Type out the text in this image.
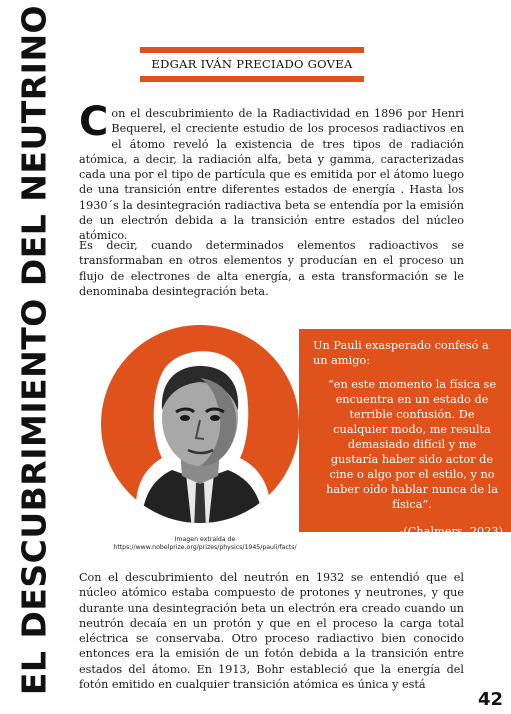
EL DESCUBRIMIENTO DEL NEUTRINO	EDGAR IVÁN PRECIADO GOVEA

Con el descubrimiento de la Radiactividad en 1896 por Henri Bequerel, el creciente estudio de los procesos radiactivos en el átomo reveló la existencia de tres tipos de radiación atómica, a decir, la radiación alfa, beta y gamma, caracterizadas cada una por el tipo de partícula que es emitida por el átomo luego de una transición entre diferentes estados de energía . Hasta los 1930´s la desintegración radiactiva beta se entendía por la emisión de un electrón debida a la transición entre estados del núcleo atómico.

Es decir, cuando determinados elementos radioactivos se transformaban en otros elementos y producían en el proceso un flujo de electrones de alta energía, a esta transformación se le denominaba desintegración beta.

Imagen extraída de
https://www.nobelprize.org/prizes/physics/1945/pauli/facts/

Un Pauli exasperado confesó a un amigo:

“en este momento la física se encuentra en un estado de terrible confusión. De cualquier modo, me resulta demasiado difícil y me gustaría haber sido actor de cine o algo por el estilo, y no haber oído hablar nunca de la física”.

-(Chalmers, 2023)

Con el descubrimiento del neutrón en 1932 se entendió que el núcleo atómico estaba compuesto de protones y neutrones, y que durante una desintegración beta un electrón era creado cuando un neutrón decaía en un protón y que en el proceso la carga total eléctrica se conservaba. Otro proceso radiactivo bien conocido entonces era la emisión de un fotón debida a la transición entre estados del átomo. En 1913, Bohr estableció que la energía del fotón emitido en cualquier transición atómica es única y está

42
